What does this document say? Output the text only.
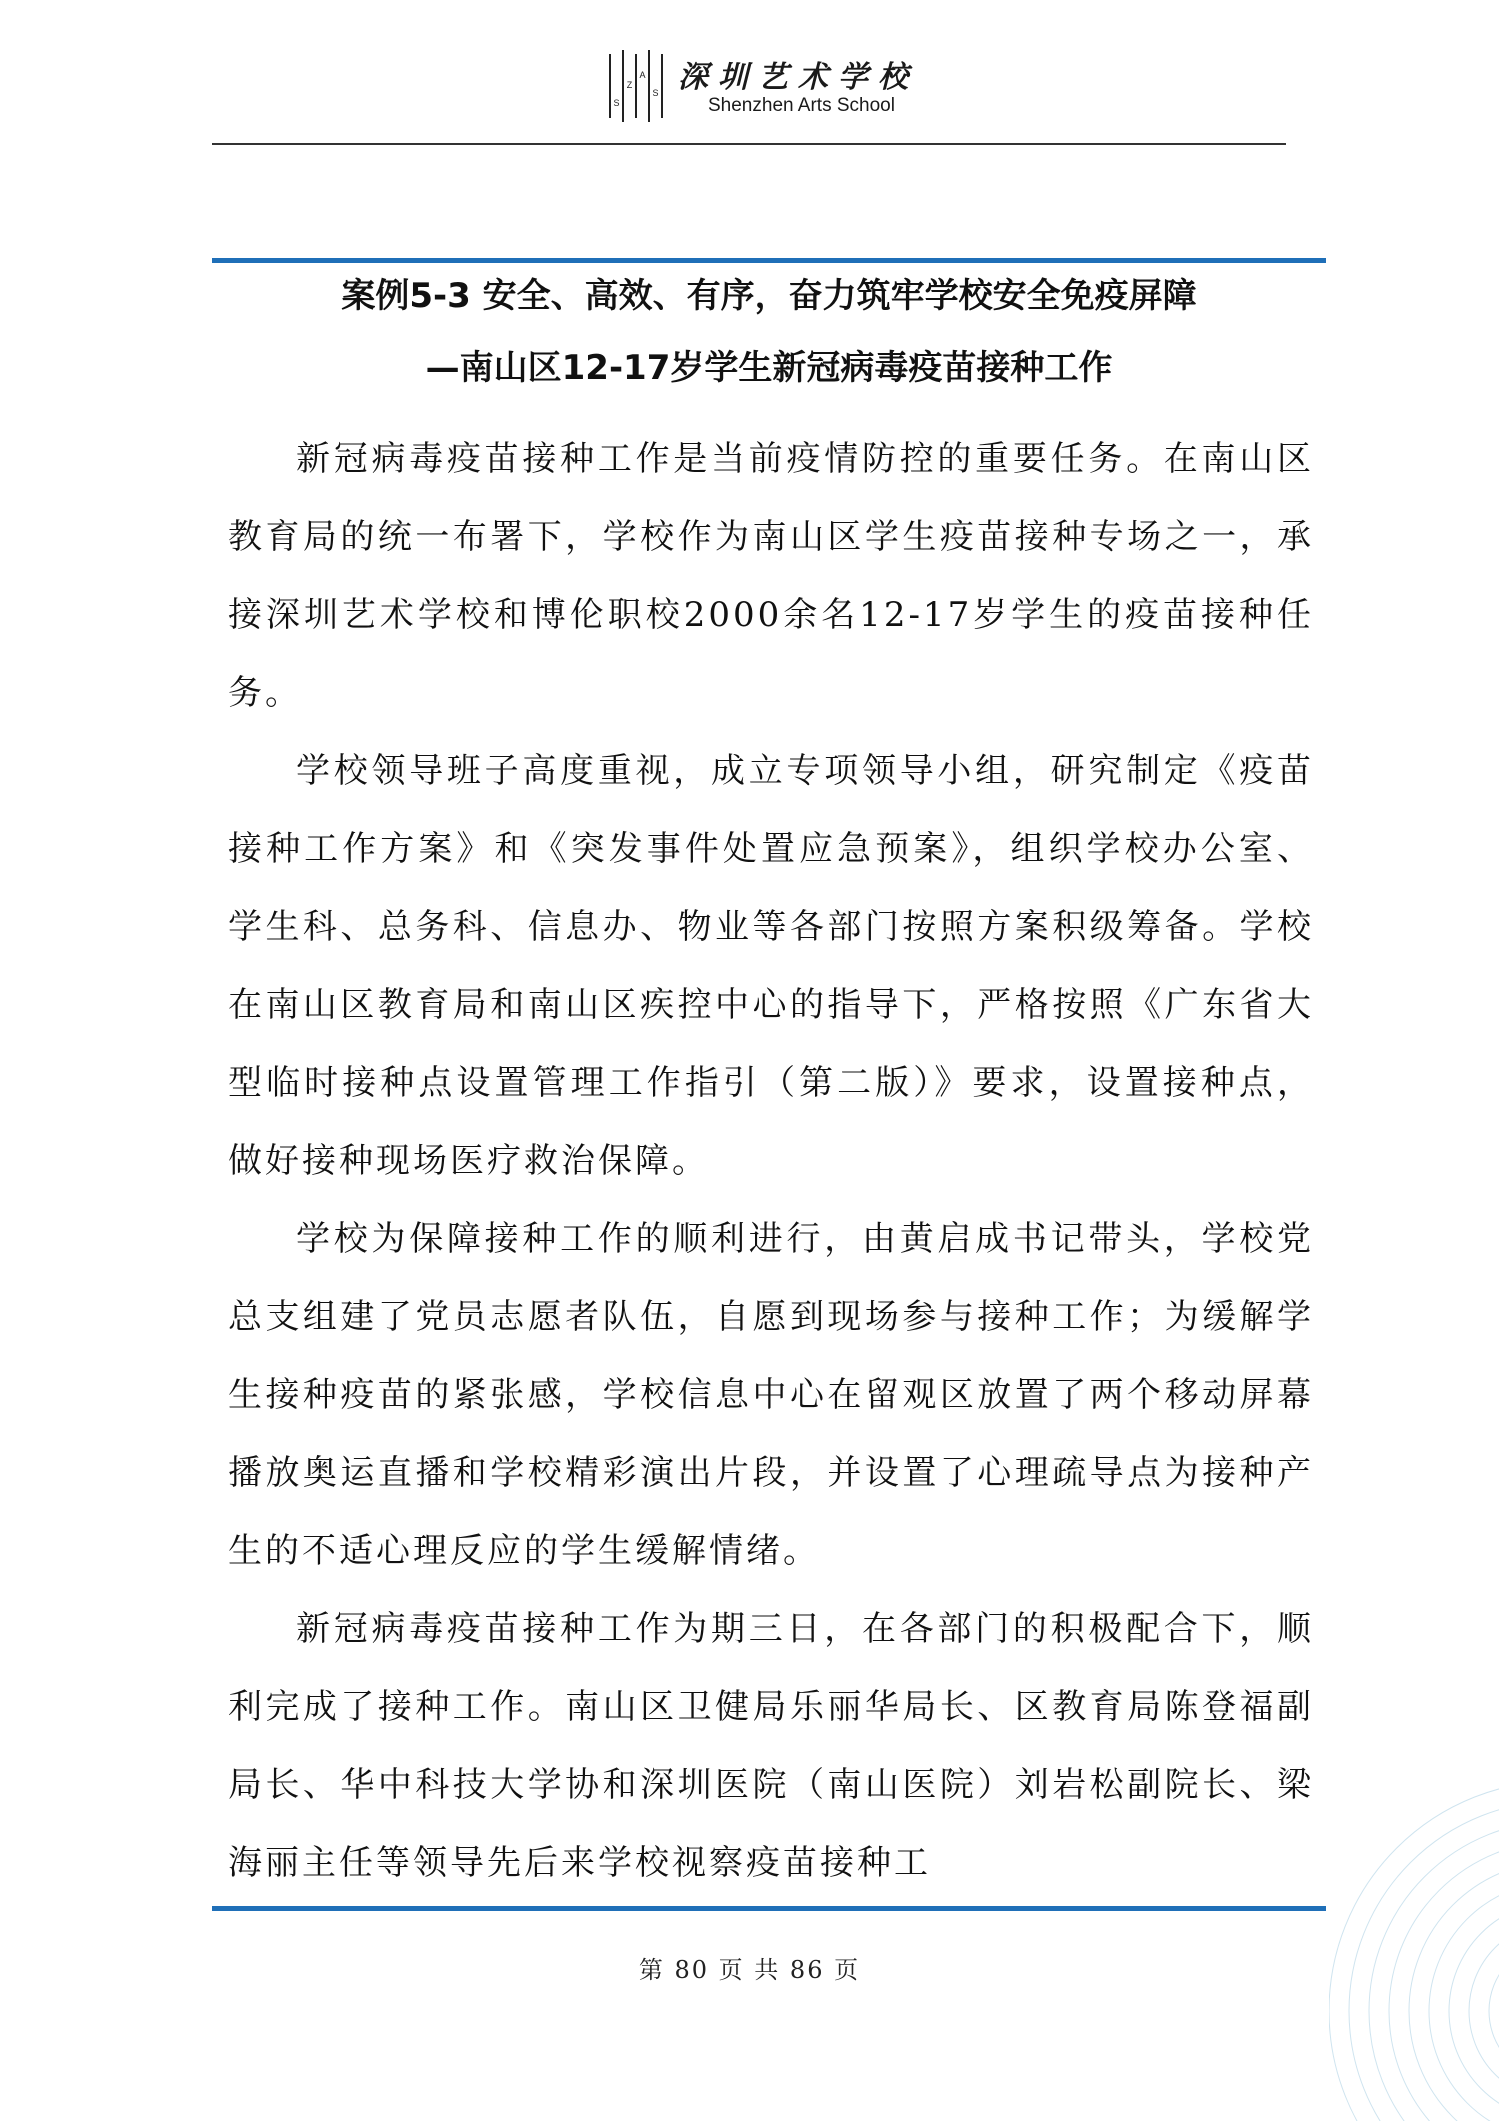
S
Z
A
S 深圳艺术学校
Shenzhen Arts School
案例5-3 安全、高效、有序，奋力筑牢学校安全免疫屏障
—南山区12-17岁学生新冠病毒疫苗接种工作

新冠病毒疫苗接种工作是当前疫情防控的重要任务。在南山区教育局的统一布署下，学校作为南山区学生疫苗接种专场之一，承接深圳艺术学校和博伦职校2000余名12-17岁学生的疫苗接种任务。

学校领导班子高度重视，成立专项领导小组，研究制定《疫苗接种工作方案》和《突发事件处置应急预案》，组织学校办公室、学生科、总务科、信息办、物业等各部门按照方案积级筹备。学校在南山区教育局和南山区疾控中心的指导下，严格按照《广东省大型临时接种点设置管理工作指引（第二版）》要求，设置接种点，做好接种现场医疗救治保障。

学校为保障接种工作的顺利进行，由黄启成书记带头，学校党总支组建了党员志愿者队伍，自愿到现场参与接种工作；为缓解学生接种疫苗的紧张感，学校信息中心在留观区放置了两个移动屏幕播放奥运直播和学校精彩演出片段，并设置了心理疏导点为接种产生的不适心理反应的学生缓解情绪。

新冠病毒疫苗接种工作为期三日，在各部门的积极配合下，顺利完成了接种工作。南山区卫健局乐丽华局长、区教育局陈登福副局长、华中科技大学协和深圳医院（南山医院）刘岩松副院长、梁海丽主任等领导先后来学校视察疫苗接种工

第 80 页 共 86 页
